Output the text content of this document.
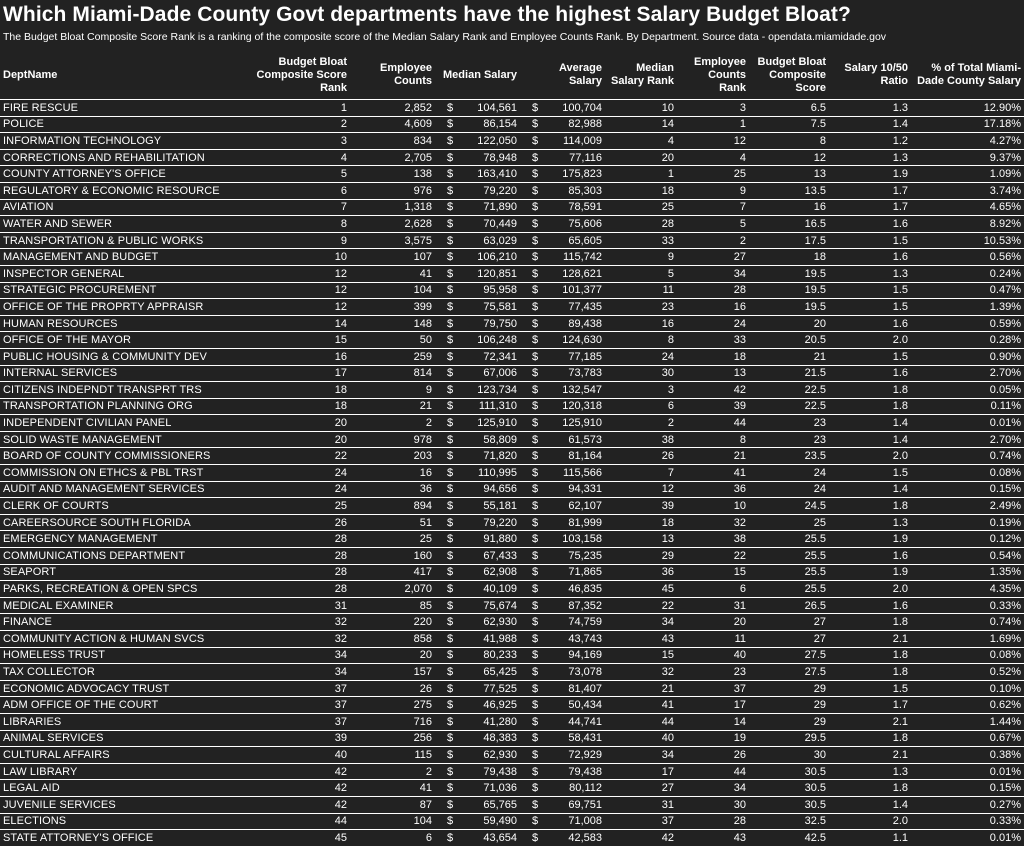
Which Miami-Dade County Govt departments have the highest Salary Budget Bloat?
The Budget Bloat Composite Score Rank is a ranking of the composite score of the Median Salary Rank and Employee Counts Rank. By Department. Source data - opendata.miamidade.gov
DeptName	Budget Bloat Composite Score Rank	Employee Counts	Median Salary	Average Salary	Median Salary Rank	Employee Counts Rank	Budget Bloat Composite Score	Salary 10/50 Ratio	% of Total Miami-Dade County Salary
FIRE RESCUE	1	2,852	$ 104,561	$ 100,704	10	3	6.5	1.3	12.90%
POLICE	2	4,609	$ 86,154	$ 82,988	14	1	7.5	1.4	17.18%
INFORMATION TECHNOLOGY	3	834	$ 122,050	$ 114,009	4	12	8	1.2	4.27%
CORRECTIONS AND REHABILITATION	4	2,705	$ 78,948	$ 77,116	20	4	12	1.3	9.37%
COUNTY ATTORNEY'S OFFICE	5	138	$ 163,410	$ 175,823	1	25	13	1.9	1.09%
REGULATORY & ECONOMIC RESOURCE	6	976	$ 79,220	$ 85,303	18	9	13.5	1.7	3.74%
AVIATION	7	1,318	$ 71,890	$ 78,591	25	7	16	1.7	4.65%
WATER AND SEWER	8	2,628	$ 70,449	$ 75,606	28	5	16.5	1.6	8.92%
TRANSPORTATION & PUBLIC WORKS	9	3,575	$ 63,029	$ 65,605	33	2	17.5	1.5	10.53%
MANAGEMENT AND BUDGET	10	107	$ 106,210	$ 115,742	9	27	18	1.6	0.56%
INSPECTOR GENERAL	12	41	$ 120,851	$ 128,621	5	34	19.5	1.3	0.24%
STRATEGIC PROCUREMENT	12	104	$ 95,958	$ 101,377	11	28	19.5	1.5	0.47%
OFFICE OF THE PROPRTY APPRAISR	12	399	$ 75,581	$ 77,435	23	16	19.5	1.5	1.39%
HUMAN RESOURCES	14	148	$ 79,750	$ 89,438	16	24	20	1.6	0.59%
OFFICE OF THE MAYOR	15	50	$ 106,248	$ 124,630	8	33	20.5	2.0	0.28%
PUBLIC HOUSING & COMMUNITY DEV	16	259	$ 72,341	$ 77,185	24	18	21	1.5	0.90%
INTERNAL SERVICES	17	814	$ 67,006	$ 73,783	30	13	21.5	1.6	2.70%
CITIZENS INDEPNDT TRANSPRT TRS	18	9	$ 123,734	$ 132,547	3	42	22.5	1.8	0.05%
TRANSPORTATION PLANNING ORG	18	21	$ 111,310	$ 120,318	6	39	22.5	1.8	0.11%
INDEPENDENT CIVILIAN PANEL	20	2	$ 125,910	$ 125,910	2	44	23	1.4	0.01%
SOLID WASTE MANAGEMENT	20	978	$ 58,809	$ 61,573	38	8	23	1.4	2.70%
BOARD OF COUNTY COMMISSIONERS	22	203	$ 71,820	$ 81,164	26	21	23.5	2.0	0.74%
COMMISSION ON ETHCS & PBL TRST	24	16	$ 110,995	$ 115,566	7	41	24	1.5	0.08%
AUDIT AND MANAGEMENT SERVICES	24	36	$ 94,656	$ 94,331	12	36	24	1.4	0.15%
CLERK OF COURTS	25	894	$ 55,181	$ 62,107	39	10	24.5	1.8	2.49%
CAREERSOURCE SOUTH FLORIDA	26	51	$ 79,220	$ 81,999	18	32	25	1.3	0.19%
EMERGENCY MANAGEMENT	28	25	$ 91,880	$ 103,158	13	38	25.5	1.9	0.12%
COMMUNICATIONS DEPARTMENT	28	160	$ 67,433	$ 75,235	29	22	25.5	1.6	0.54%
SEAPORT	28	417	$ 62,908	$ 71,865	36	15	25.5	1.9	1.35%
PARKS, RECREATION & OPEN SPCS	28	2,070	$ 40,109	$ 46,835	45	6	25.5	2.0	4.35%
MEDICAL EXAMINER	31	85	$ 75,674	$ 87,352	22	31	26.5	1.6	0.33%
FINANCE	32	220	$ 62,930	$ 74,759	34	20	27	1.8	0.74%
COMMUNITY ACTION & HUMAN SVCS	32	858	$ 41,988	$ 43,743	43	11	27	2.1	1.69%
HOMELESS TRUST	34	20	$ 80,233	$ 94,169	15	40	27.5	1.8	0.08%
TAX COLLECTOR	34	157	$ 65,425	$ 73,078	32	23	27.5	1.8	0.52%
ECONOMIC ADVOCACY TRUST	37	26	$ 77,525	$ 81,407	21	37	29	1.5	0.10%
ADM OFFICE OF THE COURT	37	275	$ 46,925	$ 50,434	41	17	29	1.7	0.62%
LIBRARIES	37	716	$ 41,280	$ 44,741	44	14	29	2.1	1.44%
ANIMAL SERVICES	39	256	$ 48,383	$ 58,431	40	19	29.5	1.8	0.67%
CULTURAL AFFAIRS	40	115	$ 62,930	$ 72,929	34	26	30	2.1	0.38%
LAW LIBRARY	42	2	$ 79,438	$ 79,438	17	44	30.5	1.3	0.01%
LEGAL AID	42	41	$ 71,036	$ 80,112	27	34	30.5	1.8	0.15%
JUVENILE SERVICES	42	87	$ 65,765	$ 69,751	31	30	30.5	1.4	0.27%
ELECTIONS	44	104	$ 59,490	$ 71,008	37	28	32.5	2.0	0.33%
STATE ATTORNEY'S OFFICE	45	6	$ 43,654	$ 42,583	42	43	42.5	1.1	0.01%
